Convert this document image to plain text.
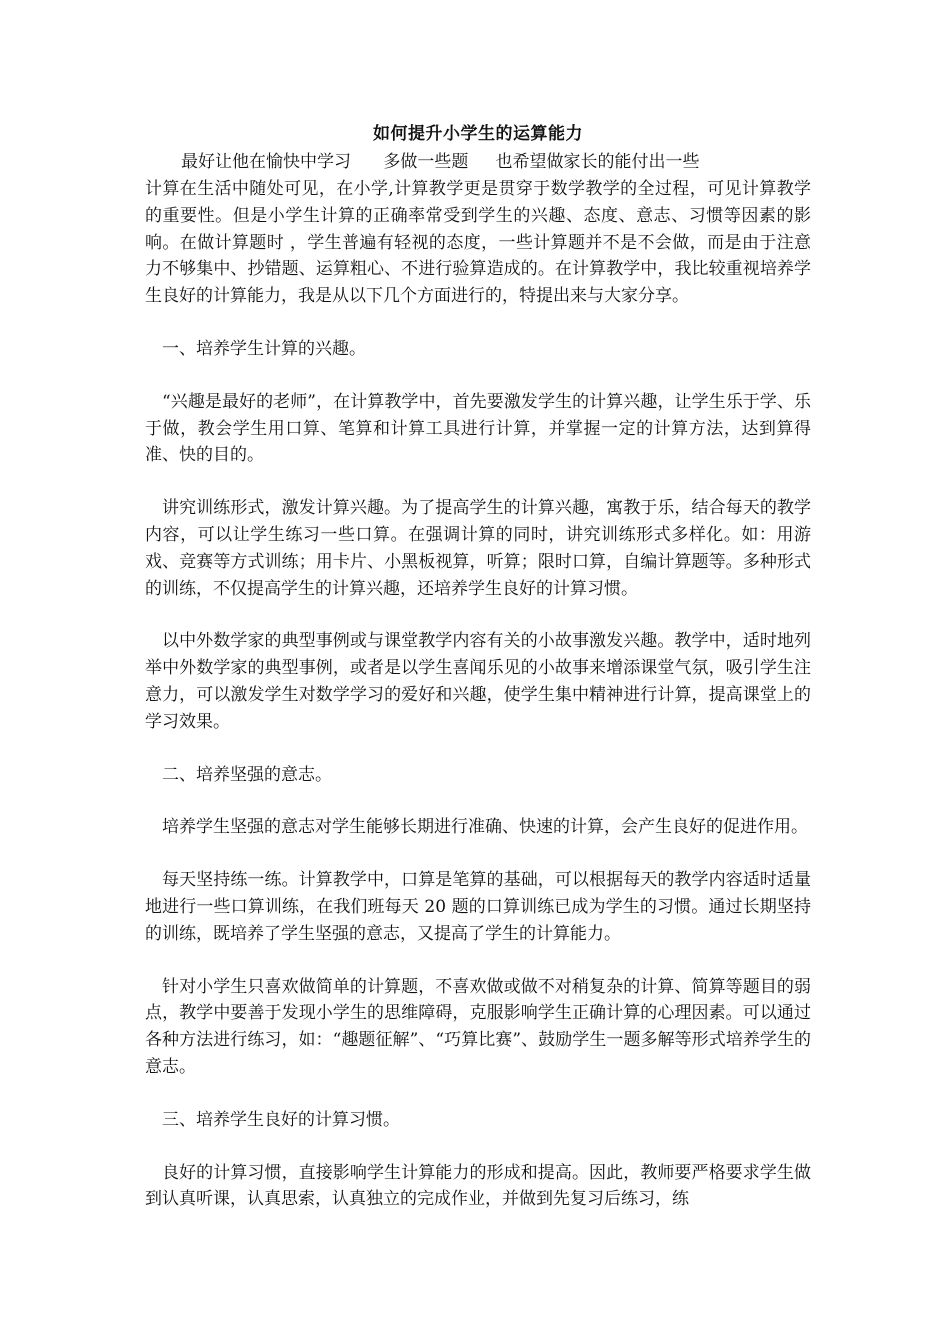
如何提升小学生的运算能力
最好让他在愉快中学习      多做一些题     也希望做家长的能付出一些

计算在生活中随处可见，在小学,计算教学更是贯穿于数学教学的全过程，可见计算教学的重要性。但是小学生计算的正确率常受到学生的兴趣、态度、意志、习惯等因素的影响。在做计算题时 ，学生普遍有轻视的态度，一些计算题并不是不会做，而是由于注意力不够集中、抄错题、运算粗心、不进行验算造成的。在计算教学中，我比较重视培养学生良好的计算能力，我是从以下几个方面进行的，特提出来与大家分享。

一、培养学生计算的兴趣。

“兴趣是最好的老师”，在计算教学中，首先要激发学生的计算兴趣，让学生乐于学、乐于做，教会学生用口算、笔算和计算工具进行计算，并掌握一定的计算方法，达到算得准、快的目的。

讲究训练形式，激发计算兴趣。为了提高学生的计算兴趣，寓教于乐，结合每天的教学内容，可以让学生练习一些口算。在强调计算的同时，讲究训练形式多样化。如：用游戏、竞赛等方式训练；用卡片、小黑板视算，听算；限时口算，自编计算题等。多种形式的训练，不仅提高学生的计算兴趣，还培养学生良好的计算习惯。

以中外数学家的典型事例或与课堂教学内容有关的小故事激发兴趣。教学中，适时地列举中外数学家的典型事例，或者是以学生喜闻乐见的小故事来增添课堂气氛，吸引学生注意力，可以激发学生对数学学习的爱好和兴趣，使学生集中精神进行计算，提高课堂上的学习效果。

二、培养坚强的意志。

培养学生坚强的意志对学生能够长期进行准确、快速的计算，会产生良好的促进作用。

每天坚持练一练。计算教学中，口算是笔算的基础，可以根据每天的教学内容适时适量地进行一些口算训练，在我们班每天 20 题的口算训练已成为学生的习惯。通过长期坚持的训练，既培养了学生坚强的意志，又提高了学生的计算能力。

针对小学生只喜欢做简单的计算题，不喜欢做或做不对稍复杂的计算、简算等题目的弱点，教学中要善于发现小学生的思维障碍，克服影响学生正确计算的心理因素。可以通过各种方法进行练习，如：“趣题征解”、“巧算比赛”、鼓励学生一题多解等形式培养学生的意志。

三、培养学生良好的计算习惯。

良好的计算习惯，直接影响学生计算能力的形成和提高。因此，教师要严格要求学生做到认真听课，认真思索，认真独立的完成作业，并做到先复习后练习，练
